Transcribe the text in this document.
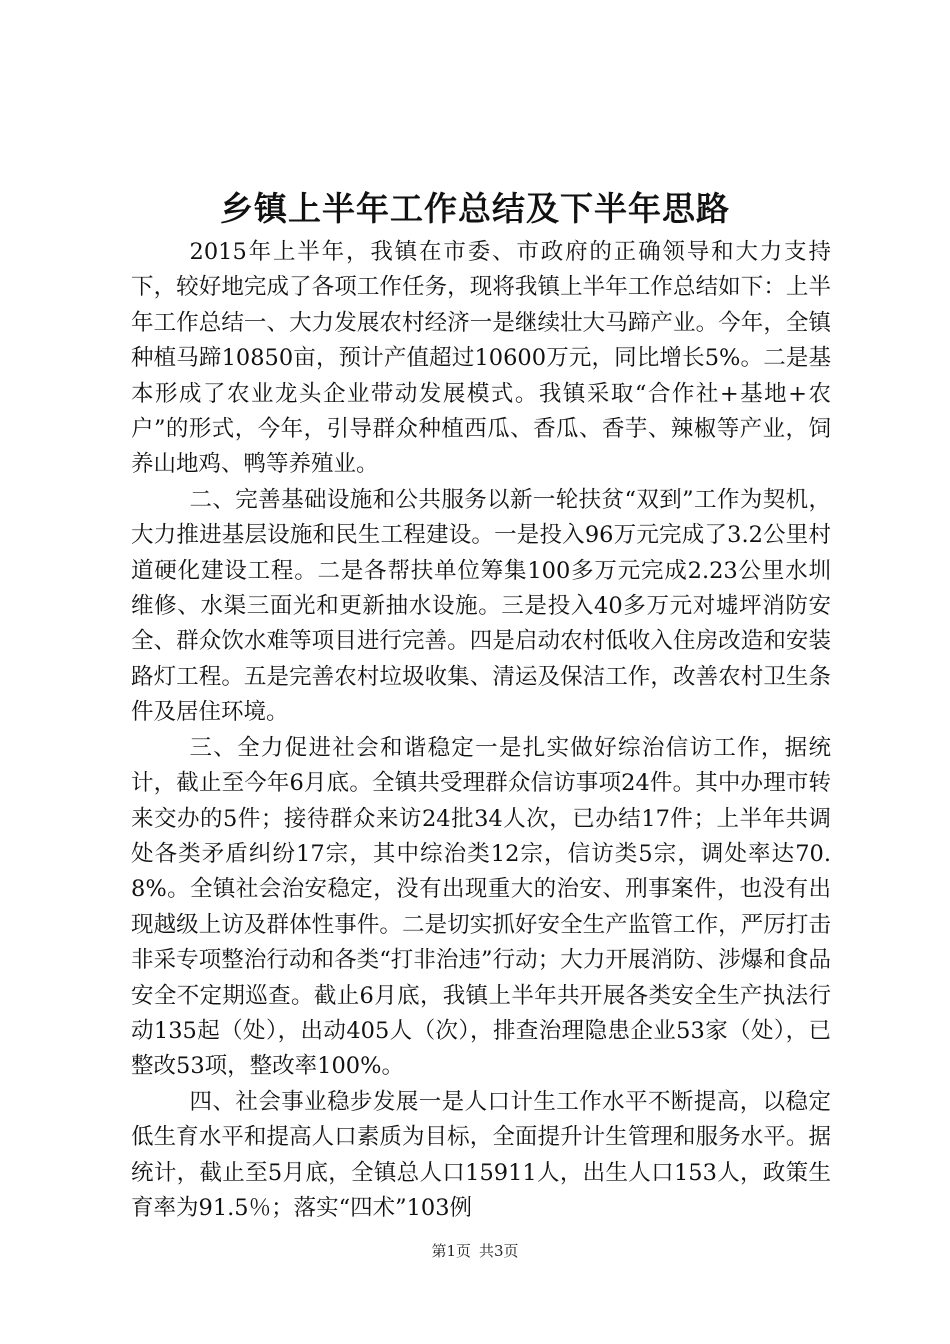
乡镇上半年工作总结及下半年思路

2015年上半年，我镇在市委、市政府的正确领导和大力支持下，较好地完成了各项工作任务，现将我镇上半年工作总结如下：上半年工作总结一、大力发展农村经济一是继续壮大马蹄产业。今年，全镇种植马蹄10850亩，预计产值超过10600万元，同比增长5%。二是基本形成了农业龙头企业带动发展模式。我镇采取“合作社+基地+农户”的形式，今年，引导群众种植西瓜、香瓜、香芋、辣椒等产业，饲养山地鸡、鸭等养殖业。

二、完善基础设施和公共服务以新一轮扶贫“双到”工作为契机，大力推进基层设施和民生工程建设。一是投入96万元完成了3.2公里村道硬化建设工程。二是各帮扶单位筹集100多万元完成2.23公里水圳维修、水渠三面光和更新抽水设施。三是投入40多万元对墟坪消防安全、群众饮水难等项目进行完善。四是启动农村低收入住房改造和安装路灯工程。五是完善农村垃圾收集、清运及保洁工作，改善农村卫生条件及居住环境。

三、全力促进社会和谐稳定一是扎实做好综治信访工作，据统计，截止至今年6月底。全镇共受理群众信访事项24件。其中办理市转来交办的5件；接待群众来访24批34人次，已办结17件；上半年共调处各类矛盾纠纷17宗，其中综治类12宗，信访类5宗，调处率达70.8%。全镇社会治安稳定，没有出现重大的治安、刑事案件，也没有出现越级上访及群体性事件。二是切实抓好安全生产监管工作，严厉打击非采专项整治行动和各类“打非治违”行动；大力开展消防、涉爆和食品安全不定期巡查。截止6月底，我镇上半年共开展各类安全生产执法行动135起（处），出动405人（次），排查治理隐患企业53家（处），已整改53项，整改率100%。

四、社会事业稳步发展一是人口计生工作水平不断提高，以稳定低生育水平和提高人口素质为目标，全面提升计生管理和服务水平。据统计，截止至5月底，全镇总人口15911人，出生人口153人，政策生育率为91.5％；落实“四术”103例

第1页 共3页
